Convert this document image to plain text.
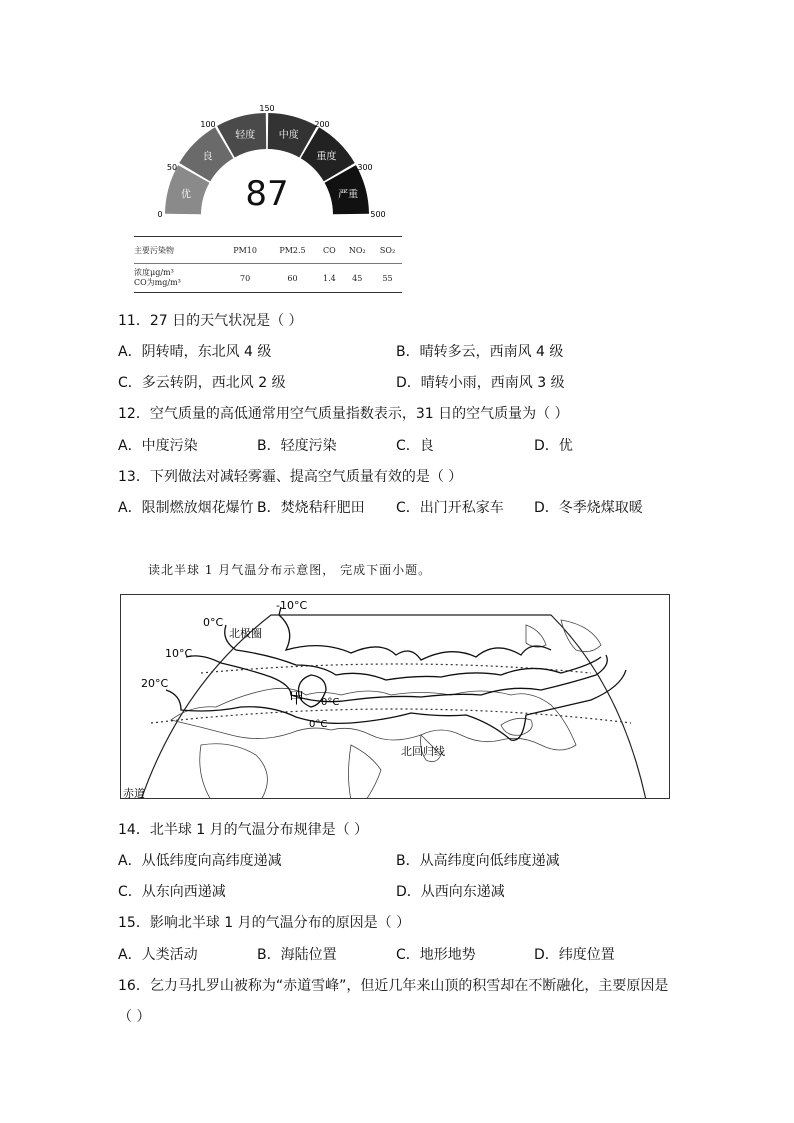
优
良
轻度 中度
重度
严重
0
50
100
150
200
300
500
87
主要污染物	PM10	PM2.5	CO	NO₂	SO₂

浓度μg/m³
CO为mg/m³	70	60	1.4	45	55
11．27 日的天气状况是（ ）
A．阴转晴，东北风 4 级	B．晴转多云，西南风 4 级
C．多云转阴，西北风 2 级	D．晴转小雨，西南风 3 级
12．空气质量的高低通常用空气质量指数表示，31 日的空气质量为（ ）
A．中度污染	B．轻度污染	C．良	D．优
13．下列做法对减轻雾霾、提高空气质量有效的是（ ）
A．限制燃放烟花爆竹 B．焚烧秸秆肥田 C．出门开私家车 D．冬季烧煤取暖
读北半球 1 月气温分布示意图， 完成下面小题。
-10°C
0°C
10°C
20°C
北极圈
甲 0°C
0°C
北回归线
赤道
14．北半球 1 月的气温分布规律是（ ）
A．从低纬度向高纬度递减	B．从高纬度向低纬度递减
C．从东向西递减	D．从西向东递减
15．影响北半球 1 月的气温分布的原因是（ ）
A．人类活动	B．海陆位置	C．地形地势	D．纬度位置
16．乞力马扎罗山被称为“赤道雪峰”，但近几年来山顶的积雪却在不断融化，主要原因是
（ ）
